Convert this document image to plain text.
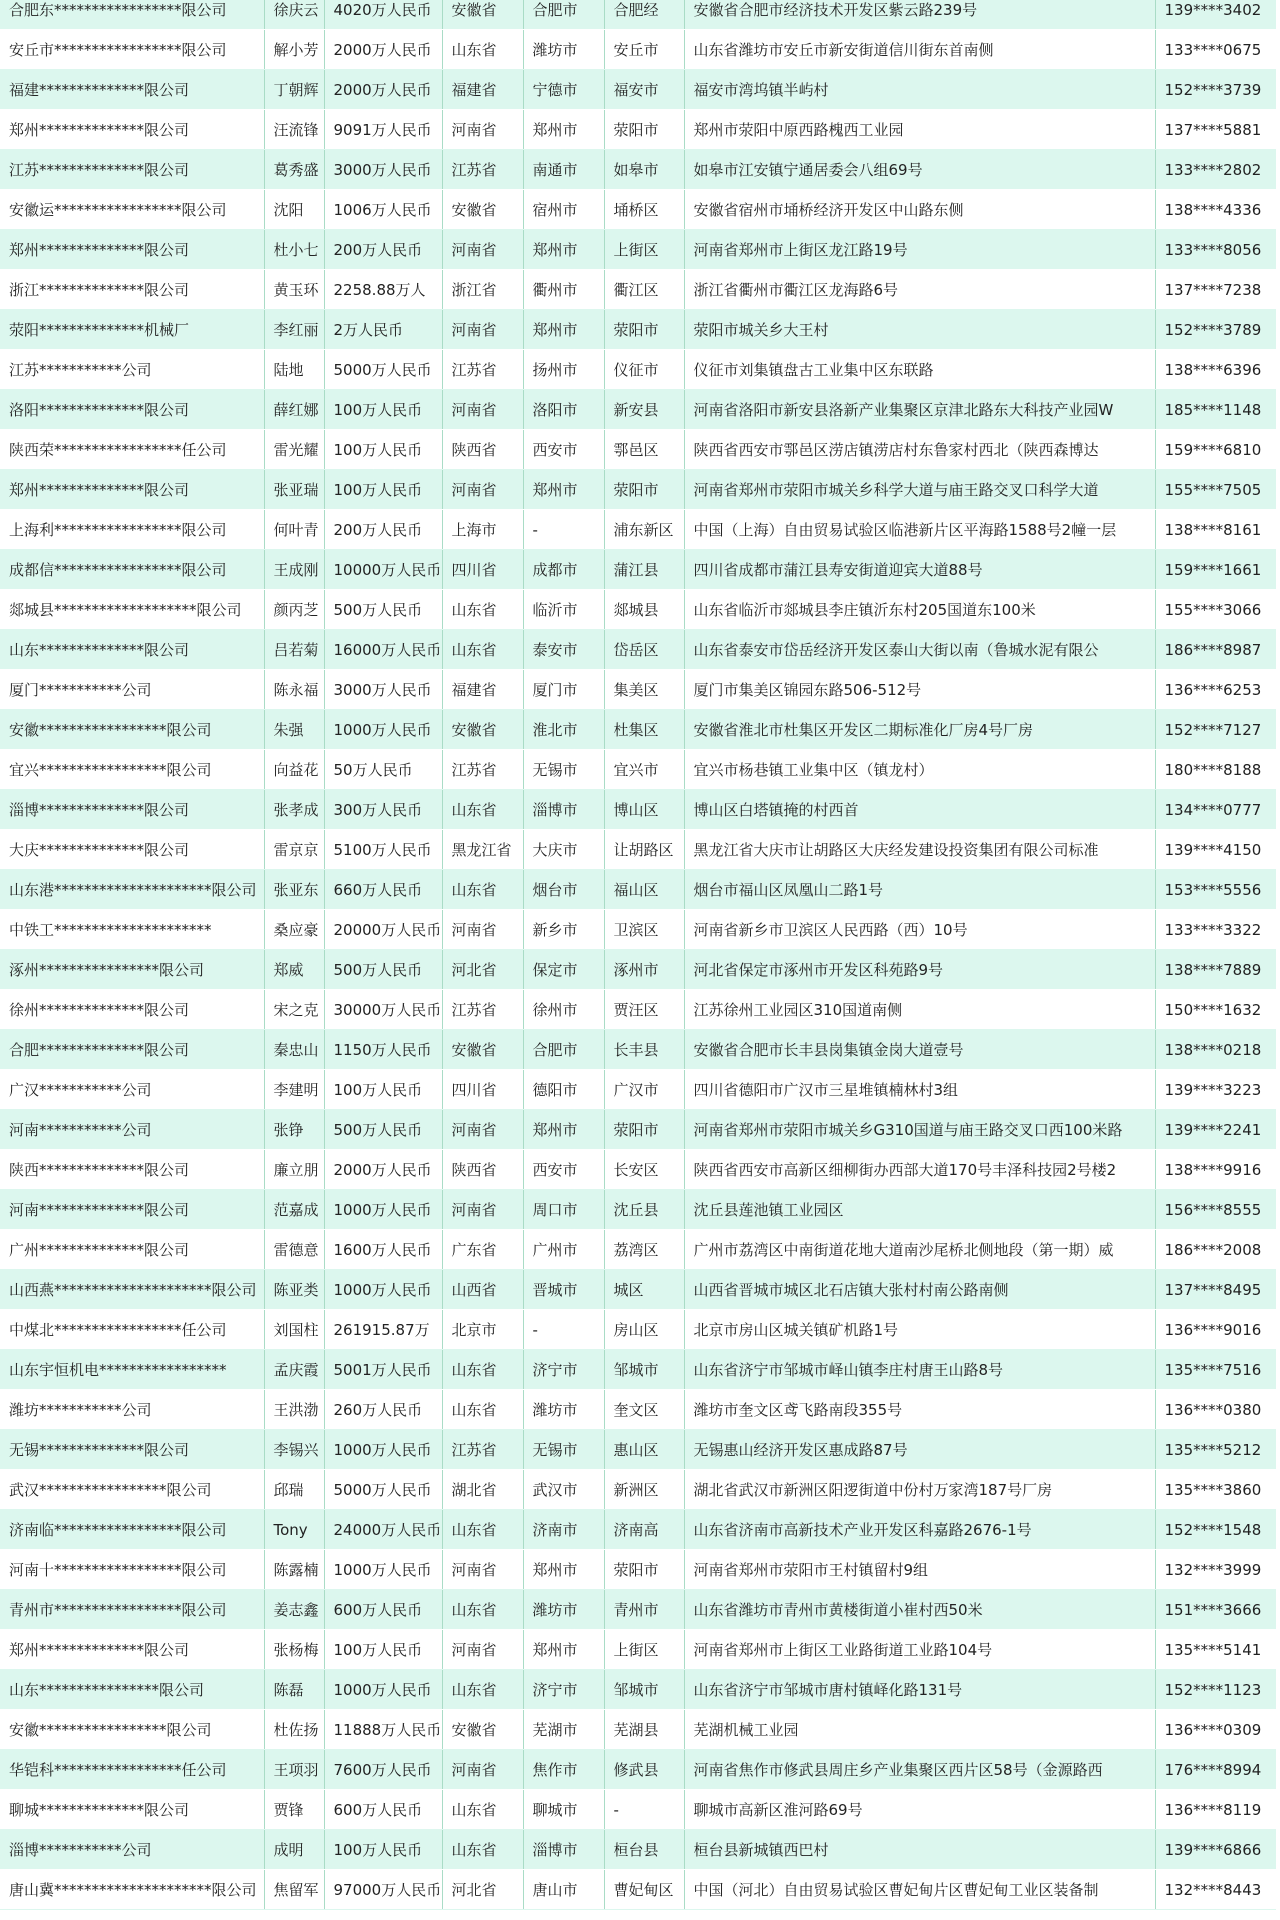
合肥东*****************限公司	徐庆云	4020万人民币	安徽省	合肥市	合肥经	安徽省合肥市经济技术开发区紫云路239号	139****3402
安丘市*****************限公司	解小芳	2000万人民币	山东省	潍坊市	安丘市	山东省潍坊市安丘市新安街道信川街东首南侧	133****0675
福建**************限公司	丁朝辉	2000万人民币	福建省	宁德市	福安市	福安市湾坞镇半屿村	152****3739
郑州**************限公司	汪流锋	9091万人民币	河南省	郑州市	荥阳市	郑州市荥阳中原西路槐西工业园	137****5881
江苏**************限公司	葛秀盛	3000万人民币	江苏省	南通市	如皋市	如皋市江安镇宁通居委会八组69号	133****2802
安徽运*****************限公司	沈阳	1006万人民币	安徽省	宿州市	埇桥区	安徽省宿州市埇桥经济开发区中山路东侧	138****4336
郑州**************限公司	杜小七	200万人民币	河南省	郑州市	上街区	河南省郑州市上街区龙江路19号	133****8056
浙江**************限公司	黄玉环	2258.88万人	浙江省	衢州市	衢江区	浙江省衢州市衢江区龙海路6号	137****7238
荥阳**************机械厂	李红丽	2万人民币	河南省	郑州市	荥阳市	荥阳市城关乡大王村	152****3789
江苏***********公司	陆地	5000万人民币	江苏省	扬州市	仪征市	仪征市刘集镇盘古工业集中区东联路	138****6396
洛阳**************限公司	薛红娜	100万人民币	河南省	洛阳市	新安县	河南省洛阳市新安县洛新产业集聚区京津北路东大科技产业园W	185****1148
陕西荣*****************任公司	雷光耀	100万人民币	陕西省	西安市	鄠邑区	陕西省西安市鄠邑区涝店镇涝店村东鲁家村西北（陕西森博达	159****6810
郑州**************限公司	张亚瑞	100万人民币	河南省	郑州市	荥阳市	河南省郑州市荥阳市城关乡科学大道与庙王路交叉口科学大道	155****7505
上海利*****************限公司	何叶青	200万人民币	上海市	-	浦东新区	中国（上海）自由贸易试验区临港新片区平海路1588号2幢一层	138****8161
成都信*****************限公司	王成刚	10000万人民币	四川省	成都市	蒲江县	四川省成都市蒲江县寿安街道迎宾大道88号	159****1661
郯城县*******************限公司	颜丙芝	500万人民币	山东省	临沂市	郯城县	山东省临沂市郯城县李庄镇沂东村205国道东100米	155****3066
山东**************限公司	吕若菊	16000万人民币	山东省	泰安市	岱岳区	山东省泰安市岱岳经济开发区泰山大街以南（鲁城水泥有限公	186****8987
厦门***********公司	陈永福	3000万人民币	福建省	厦门市	集美区	厦门市集美区锦园东路506-512号	136****6253
安徽*****************限公司	朱强	1000万人民币	安徽省	淮北市	杜集区	安徽省淮北市杜集区开发区二期标准化厂房4号厂房	152****7127
宜兴*****************限公司	向益花	50万人民币	江苏省	无锡市	宜兴市	宜兴市杨巷镇工业集中区（镇龙村）	180****8188
淄博**************限公司	张孝成	300万人民币	山东省	淄博市	博山区	博山区白塔镇掩的村西首	134****0777
大庆**************限公司	雷京京	5100万人民币	黑龙江省	大庆市	让胡路区	黑龙江省大庆市让胡路区大庆经发建设投资集团有限公司标准	139****4150
山东港*********************限公司	张亚东	660万人民币	山东省	烟台市	福山区	烟台市福山区凤凰山二路1号	153****5556
中铁工*********************	桑应豪	20000万人民币	河南省	新乡市	卫滨区	河南省新乡市卫滨区人民西路（西）10号	133****3322
涿州****************限公司	郑威	500万人民币	河北省	保定市	涿州市	河北省保定市涿州市开发区科苑路9号	138****7889
徐州**************限公司	宋之克	30000万人民币	江苏省	徐州市	贾汪区	江苏徐州工业园区310国道南侧	150****1632
合肥**************限公司	秦忠山	1150万人民币	安徽省	合肥市	长丰县	安徽省合肥市长丰县岗集镇金岗大道壹号	138****0218
广汉***********公司	李建明	100万人民币	四川省	德阳市	广汉市	四川省德阳市广汉市三星堆镇楠林村3组	139****3223
河南***********公司	张铮	500万人民币	河南省	郑州市	荥阳市	河南省郑州市荥阳市城关乡G310国道与庙王路交叉口西100米路	139****2241
陕西**************限公司	廉立朋	2000万人民币	陕西省	西安市	长安区	陕西省西安市高新区细柳街办西部大道170号丰泽科技园2号楼2	138****9916
河南**************限公司	范嘉成	1000万人民币	河南省	周口市	沈丘县	沈丘县莲池镇工业园区	156****8555
广州**************限公司	雷德意	1600万人民币	广东省	广州市	荔湾区	广州市荔湾区中南街道花地大道南沙尾桥北侧地段（第一期）威	186****2008
山西燕*********************限公司	陈亚类	1000万人民币	山西省	晋城市	城区	山西省晋城市城区北石店镇大张村村南公路南侧	137****8495
中煤北*****************任公司	刘国柱	261915.87万	北京市	-	房山区	北京市房山区城关镇矿机路1号	136****9016
山东宇恒机电*****************	孟庆霞	5001万人民币	山东省	济宁市	邹城市	山东省济宁市邹城市峄山镇李庄村唐王山路8号	135****7516
潍坊***********公司	王洪渤	260万人民币	山东省	潍坊市	奎文区	潍坊市奎文区鸢飞路南段355号	136****0380
无锡**************限公司	李锡兴	1000万人民币	江苏省	无锡市	惠山区	无锡惠山经济开发区惠成路87号	135****5212
武汉*****************限公司	邱瑞	5000万人民币	湖北省	武汉市	新洲区	湖北省武汉市新洲区阳逻街道中份村万家湾187号厂房	135****3860
济南临*****************限公司	Tony	24000万人民币	山东省	济南市	济南高	山东省济南市高新技术产业开发区科嘉路2676-1号	152****1548
河南十*****************限公司	陈露楠	1000万人民币	河南省	郑州市	荥阳市	河南省郑州市荥阳市王村镇留村9组	132****3999
青州市*****************限公司	姜志鑫	600万人民币	山东省	潍坊市	青州市	山东省潍坊市青州市黄楼街道小崔村西50米	151****3666
郑州**************限公司	张杨梅	100万人民币	河南省	郑州市	上街区	河南省郑州市上街区工业路街道工业路104号	135****5141
山东****************限公司	陈磊	1000万人民币	山东省	济宁市	邹城市	山东省济宁市邹城市唐村镇峄化路131号	152****1123
安徽*****************限公司	杜佐扬	11888万人民币	安徽省	芜湖市	芜湖县	芜湖机械工业园	136****0309
华铠科*****************任公司	王项羽	7600万人民币	河南省	焦作市	修武县	河南省焦作市修武县周庄乡产业集聚区西片区58号（金源路西	176****8994
聊城**************限公司	贾锋	600万人民币	山东省	聊城市	-	聊城市高新区淮河路69号	136****8119
淄博***********公司	成明	100万人民币	山东省	淄博市	桓台县	桓台县新城镇西巴村	139****6866
唐山冀*********************限公司	焦留军	97000万人民币	河北省	唐山市	曹妃甸区	中国（河北）自由贸易试验区曹妃甸片区曹妃甸工业区装备制	132****8443
